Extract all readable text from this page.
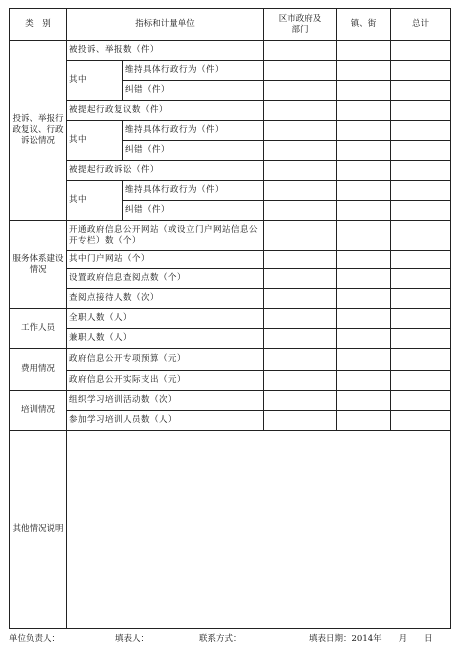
类　别	指标和计量单位		区市政府及部门	镇、街	总计
投诉、举报行政复议、行政诉讼情况	被投诉、举报数（件）				
	其中	维持具体行政行为（件）			
		纠错（件）			
	被提起行政复议数（件）				
	其中	维持具体行政行为（件）			
		纠错（件）			
	被提起行政诉讼（件）				
	其中	维持具体行政行为（件）			
		纠错（件）			
服务体系建设情况	开通政府信息公开网站（或设立门户网站信息公开专栏）数（个）				
	其中门户网站（个）				
	设置政府信息查阅点数（个）				
	查阅点接待人数（次）				
工作人员	全职人数（人）				
	兼职人数（人）				
费用情况	政府信息公开专项预算（元）				
	政府信息公开实际支出（元）				
培训情况	组织学习培训活动数（次）				
	参加学习培训人员数（人）				
其他情况说明					
单位负责人：	填表人：	联系方式：	填表日期：2014年　　月　　日
